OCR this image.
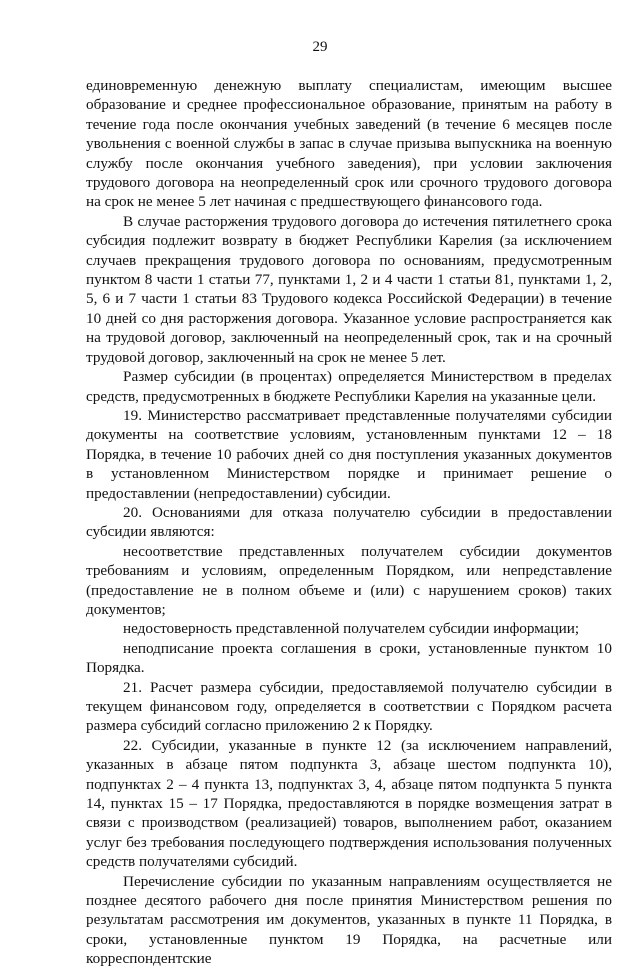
29

единовременную денежную выплату специалистам, имеющим высшее образование и среднее профессиональное образование, принятым на работу в течение года после окончания учебных заведений (в течение 6 месяцев после увольнения с военной службы в запас в случае призыва выпускника на военную службу после окончания учебного заведения), при условии заключения трудового договора на неопределенный срок или срочного трудового договора на срок не менее 5 лет начиная с предшествующего финансового года.

В случае расторжения трудового договора до истечения пятилетнего срока субсидия подлежит возврату в бюджет Республики Карелия (за исключением случаев прекращения трудового договора по основаниям, предусмотренным пунктом 8 части 1 статьи 77, пунктами 1, 2 и 4 части 1 статьи 81, пунктами 1, 2, 5, 6 и 7 части 1 статьи 83 Трудового кодекса Российской Федерации) в течение 10 дней со дня расторжения договора. Указанное условие распространяется как на трудовой договор, заключенный на неопределенный срок, так и на срочный трудовой договор, заключенный на срок не менее 5 лет.

Размер субсидии (в процентах) определяется Министерством в пределах средств, предусмотренных в бюджете Республики Карелия на указанные цели.

19. Министерство рассматривает представленные получателями субсидии документы на соответствие условиям, установленным пунктами 12 – 18 Порядка, в течение 10 рабочих дней со дня поступления указанных документов в установленном Министерством порядке и принимает решение о предоставлении (непредоставлении) субсидии.

20. Основаниями для отказа получателю субсидии в предоставлении субсидии являются:

несоответствие представленных получателем субсидии документов требованиям и условиям, определенным Порядком, или непредставление (предоставление не в полном объеме и (или) с нарушением сроков) таких документов;

недостоверность представленной получателем субсидии информации;

неподписание проекта соглашения в сроки, установленные пунктом 10 Порядка.

21. Расчет размера субсидии, предоставляемой получателю субсидии в текущем финансовом году, определяется в соответствии с Порядком расчета размера субсидий согласно приложению 2 к Порядку.

22. Субсидии, указанные в пункте 12 (за исключением направлений, указанных в абзаце пятом подпункта 3, абзаце шестом подпункта 10), подпунктах 2 – 4 пункта 13, подпунктах 3, 4, абзаце пятом подпункта 5 пункта 14, пунктах 15 – 17 Порядка, предоставляются в порядке возмещения затрат в связи с производством (реализацией) товаров, выполнением работ, оказанием услуг без требования последующего подтверждения использования полученных средств получателями субсидий.

Перечисление субсидии по указанным направлениям осуществляется не позднее десятого рабочего дня после принятия Министерством решения по результатам рассмотрения им документов, указанных в пункте 11 Порядка, в сроки, установленные пунктом 19 Порядка, на расчетные или корреспондентские
